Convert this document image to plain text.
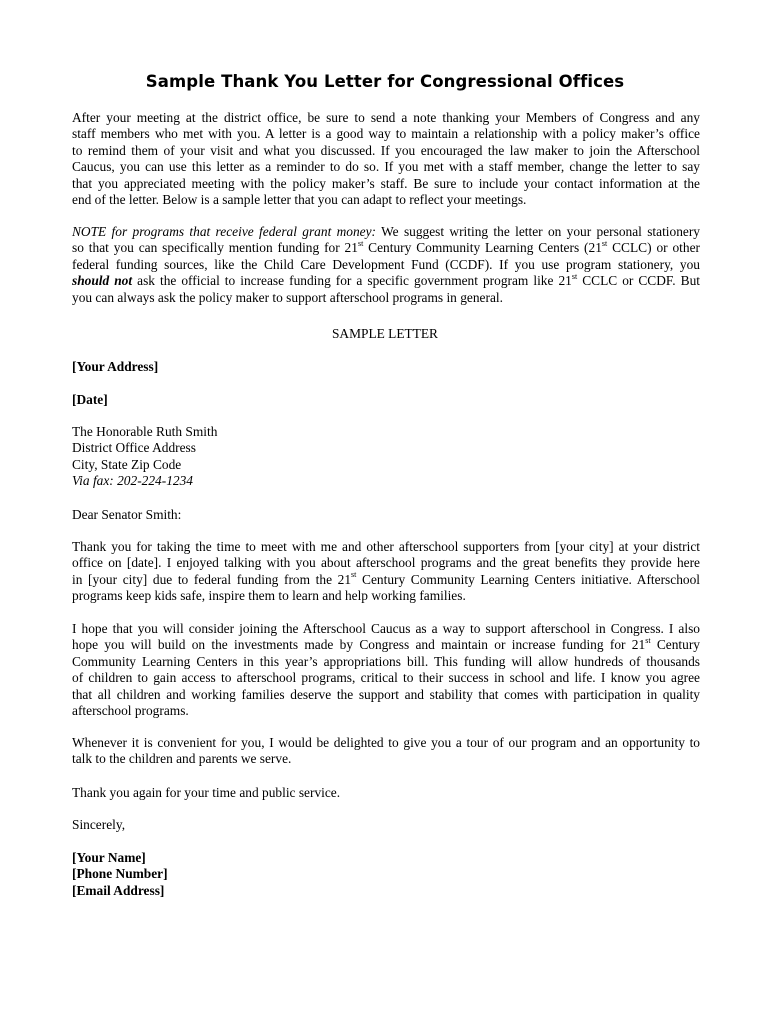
Sample Thank You Letter for Congressional Offices
After your meeting at the district office, be sure to send a note thanking your Members of Congress and any
staff members who met with you. A letter is a good way to maintain a relationship with a policy maker’s office
to remind them of your visit and what you discussed. If you encouraged the law maker to join the Afterschool
Caucus, you can use this letter as a reminder to do so. If you met with a staff member, change the letter to say
that you appreciated meeting with the policy maker’s staff. Be sure to include your contact information at the
end of the letter. Below is a sample letter that you can adapt to reflect your meetings.
NOTE for programs that receive federal grant money: We suggest writing the letter on your personal stationery
so that you can specifically mention funding for 21st Century Community Learning Centers (21st CCLC) or other
federal funding sources, like the Child Care Development Fund (CCDF). If you use program stationery, you
should not ask the official to increase funding for a specific government program like 21st CCLC or CCDF. But
you can always ask the policy maker to support afterschool programs in general.
SAMPLE LETTER
[Your Address]
[Date]
The Honorable Ruth Smith
District Office Address
City, State Zip Code
Via fax: 202-224-1234
Dear Senator Smith:
Thank you for taking the time to meet with me and other afterschool supporters from [your city] at your district
office on [date]. I enjoyed talking with you about afterschool programs and the great benefits they provide here
in [your city] due to federal funding from the 21st Century Community Learning Centers initiative. Afterschool
programs keep kids safe, inspire them to learn and help working families.
I hope that you will consider joining the Afterschool Caucus as a way to support afterschool in Congress. I also
hope you will build on the investments made by Congress and maintain or increase funding for 21st Century
Community Learning Centers in this year’s appropriations bill. This funding will allow hundreds of thousands
of children to gain access to afterschool programs, critical to their success in school and life. I know you agree
that all children and working families deserve the support and stability that comes with participation in quality
afterschool programs.
Whenever it is convenient for you, I would be delighted to give you a tour of our program and an opportunity to
talk to the children and parents we serve.
Thank you again for your time and public service.
Sincerely,
[Your Name]
[Phone Number]
[Email Address]
